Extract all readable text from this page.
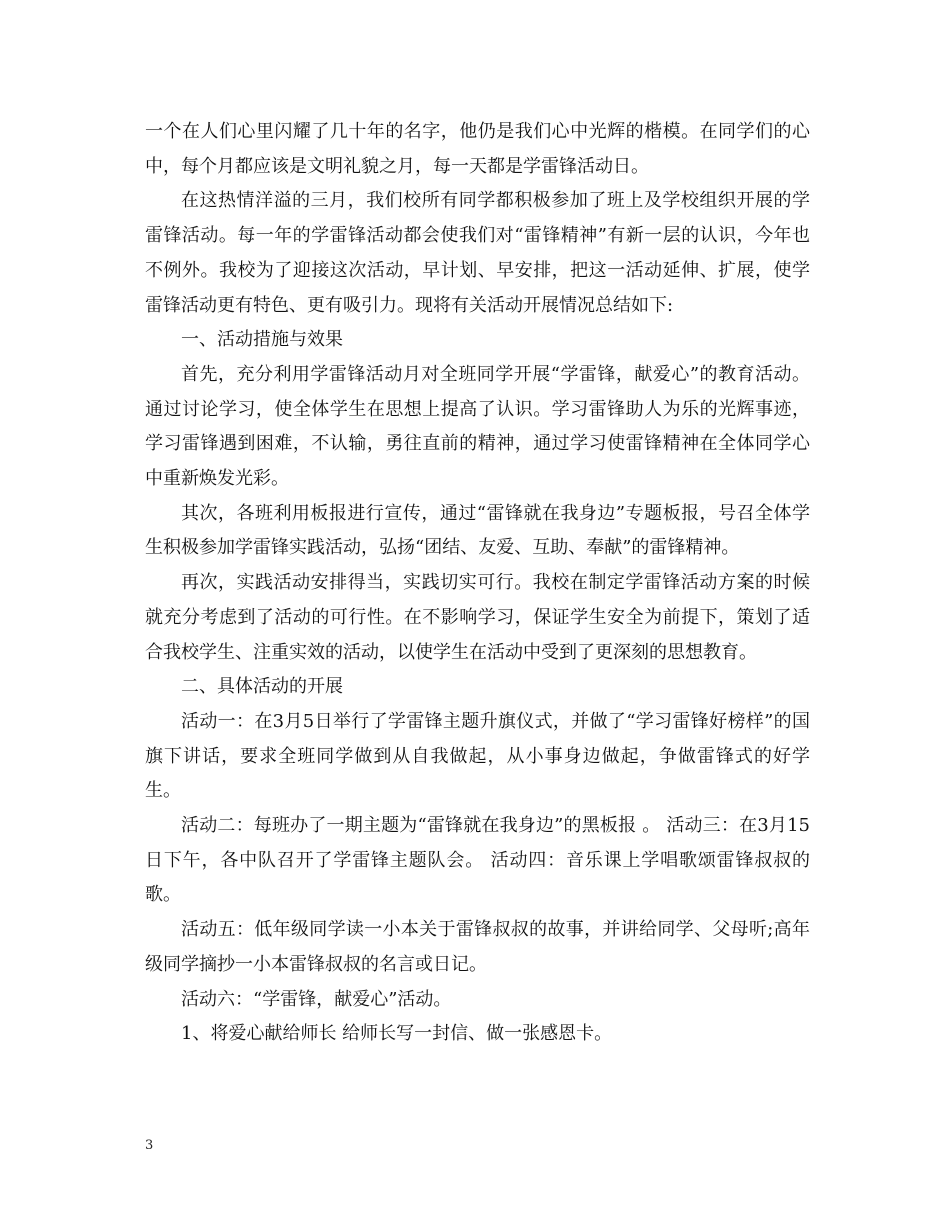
一个在人们心里闪耀了几十年的名字，他仍是我们心中光辉的楷模。在同学们的心中，每个月都应该是文明礼貌之月，每一天都是学雷锋活动日。

在这热情洋溢的三月，我们校所有同学都积极参加了班上及学校组织开展的学雷锋活动。每一年的学雷锋活动都会使我们对“雷锋精神”有新一层的认识，今年也不例外。我校为了迎接这次活动，早计划、早安排，把这一活动延伸、扩展，使学雷锋活动更有特色、更有吸引力。现将有关活动开展情况总结如下:

一、活动措施与效果

首先，充分利用学雷锋活动月对全班同学开展“学雷锋，献爱心”的教育活动。通过讨论学习，使全体学生在思想上提高了认识。学习雷锋助人为乐的光辉事迹，学习雷锋遇到困难，不认输，勇往直前的精神，通过学习使雷锋精神在全体同学心中重新焕发光彩。

其次，各班利用板报进行宣传，通过“雷锋就在我身边”专题板报，号召全体学生积极参加学雷锋实践活动，弘扬“团结、友爱、互助、奉献”的雷锋精神。

再次，实践活动安排得当，实践切实可行。我校在制定学雷锋活动方案的时候就充分考虑到了活动的可行性。在不影响学习，保证学生安全为前提下，策划了适合我校学生、注重实效的活动，以使学生在活动中受到了更深刻的思想教育。

二、具体活动的开展

活动一：在3月5日举行了学雷锋主题升旗仪式，并做了“学习雷锋好榜样”的国旗下讲话，要求全班同学做到从自我做起，从小事身边做起，争做雷锋式的好学生。

活动二：每班办了一期主题为“雷锋就在我身边”的黑板报 。 活动三：在3月15日下午，各中队召开了学雷锋主题队会。 活动四：音乐课上学唱歌颂雷锋叔叔的歌。

活动五：低年级同学读一小本关于雷锋叔叔的故事，并讲给同学、父母听;高年级同学摘抄一小本雷锋叔叔的名言或日记。

活动六：“学雷锋，献爱心”活动。

1、将爱心献给师长 给师长写一封信、做一张感恩卡。

3
